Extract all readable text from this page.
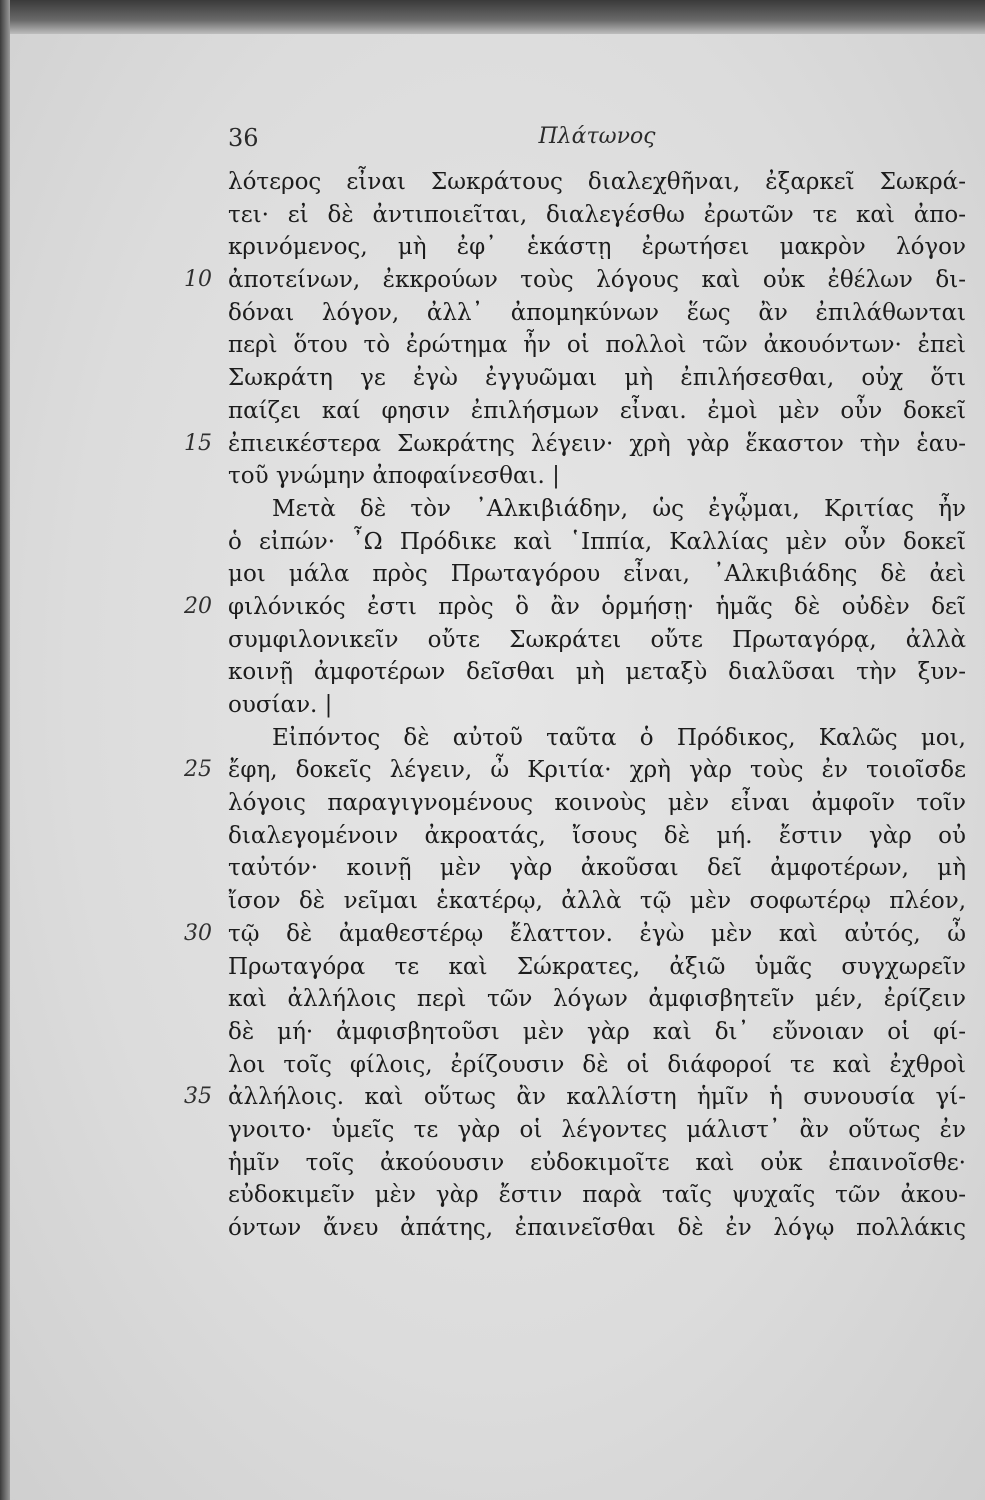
36	Πλάτωνος
λότερος εἶναι Σωκράτους διαλεχθῆναι, ἐξαρκεῖ Σωκρά-
τει· εἰ δὲ ἀντιποιεῖται, διαλεγέσθω ἐρωτῶν τε καὶ ἀπο-
κρινόμενος, μὴ ἐφ᾽ ἑκάστῃ ἐρωτήσει μακρὸν λόγον
10 ἀποτείνων, ἐκκρούων τοὺς λόγους καὶ οὐκ ἐθέλων δι-
δόναι λόγον, ἀλλ᾽ ἀπομηκύνων ἕως ἂν ἐπιλάθωνται
περὶ ὅτου τὸ ἐρώτημα ἦν οἱ πολλοὶ τῶν ἀκουόντων· ἐπεὶ
Σωκράτη γε ἐγὼ ἐγγυῶμαι μὴ ἐπιλήσεσθαι, οὐχ ὅτι
παίζει καί φησιν ἐπιλήσμων εἶναι. ἐμοὶ μὲν οὖν δοκεῖ
15 ἐπιεικέστερα Σωκράτης λέγειν· χρὴ γὰρ ἕκαστον τὴν ἑαυ-
τοῦ γνώμην ἀποφαίνεσθαι. |
Μετὰ δὲ τὸν ᾿Αλκιβιάδην, ὡς ἐγᾦμαι, Κριτίας ἦν
ὁ εἰπών· ῏Ω Πρόδικε καὶ ῾Ιππία, Καλλίας μὲν οὖν δοκεῖ
μοι μάλα πρὸς Πρωταγόρου εἶναι, ᾿Αλκιβιάδης δὲ ἀεὶ
20 φιλόνικός ἐστι πρὸς ὃ ἂν ὁρμήσῃ· ἡμᾶς δὲ οὐδὲν δεῖ
συμφιλονικεῖν οὔτε Σωκράτει οὔτε Πρωταγόρᾳ, ἀλλὰ
κοινῇ ἀμφοτέρων δεῖσθαι μὴ μεταξὺ διαλῦσαι τὴν ξυν-
ουσίαν. |
Εἰπόντος δὲ αὐτοῦ ταῦτα ὁ Πρόδικος, Καλῶς μοι,
25 ἔφη, δοκεῖς λέγειν, ὦ Κριτία· χρὴ γὰρ τοὺς ἐν τοιοῖσδε
λόγοις παραγιγνομένους κοινοὺς μὲν εἶναι ἀμφοῖν τοῖν
διαλεγομένοιν ἀκροατάς, ἴσους δὲ μή. ἔστιν γὰρ οὐ
ταὐτόν· κοινῇ μὲν γὰρ ἀκοῦσαι δεῖ ἀμφοτέρων, μὴ
ἴσον δὲ νεῖμαι ἑκατέρῳ, ἀλλὰ τῷ μὲν σοφωτέρῳ πλέον,
30 τῷ δὲ ἀμαθεστέρῳ ἔλαττον. ἐγὼ μὲν καὶ αὐτός, ὦ
Πρωταγόρα τε καὶ Σώκρατες, ἀξιῶ ὑμᾶς συγχωρεῖν
καὶ ἀλλήλοις περὶ τῶν λόγων ἀμφισβητεῖν μέν, ἐρίζειν
δὲ μή· ἀμφισβητοῦσι μὲν γὰρ καὶ δι᾽ εὔνοιαν οἱ φί-
λοι τοῖς φίλοις, ἐρίζουσιν δὲ οἱ διάφοροί τε καὶ ἐχθροὶ
35 ἀλλήλοις. καὶ οὕτως ἂν καλλίστη ἡμῖν ἡ συνουσία γί-
γνοιτο· ὑμεῖς τε γὰρ οἱ λέγοντες μάλιστ᾽ ἂν οὕτως ἐν
ἡμῖν τοῖς ἀκούουσιν εὐδοκιμοῖτε καὶ οὐκ ἐπαινοῖσθε·
εὐδοκιμεῖν μὲν γὰρ ἔστιν παρὰ ταῖς ψυχαῖς τῶν ἀκου-
όντων ἄνευ ἀπάτης, ἐπαινεῖσθαι δὲ ἐν λόγῳ πολλάκις
